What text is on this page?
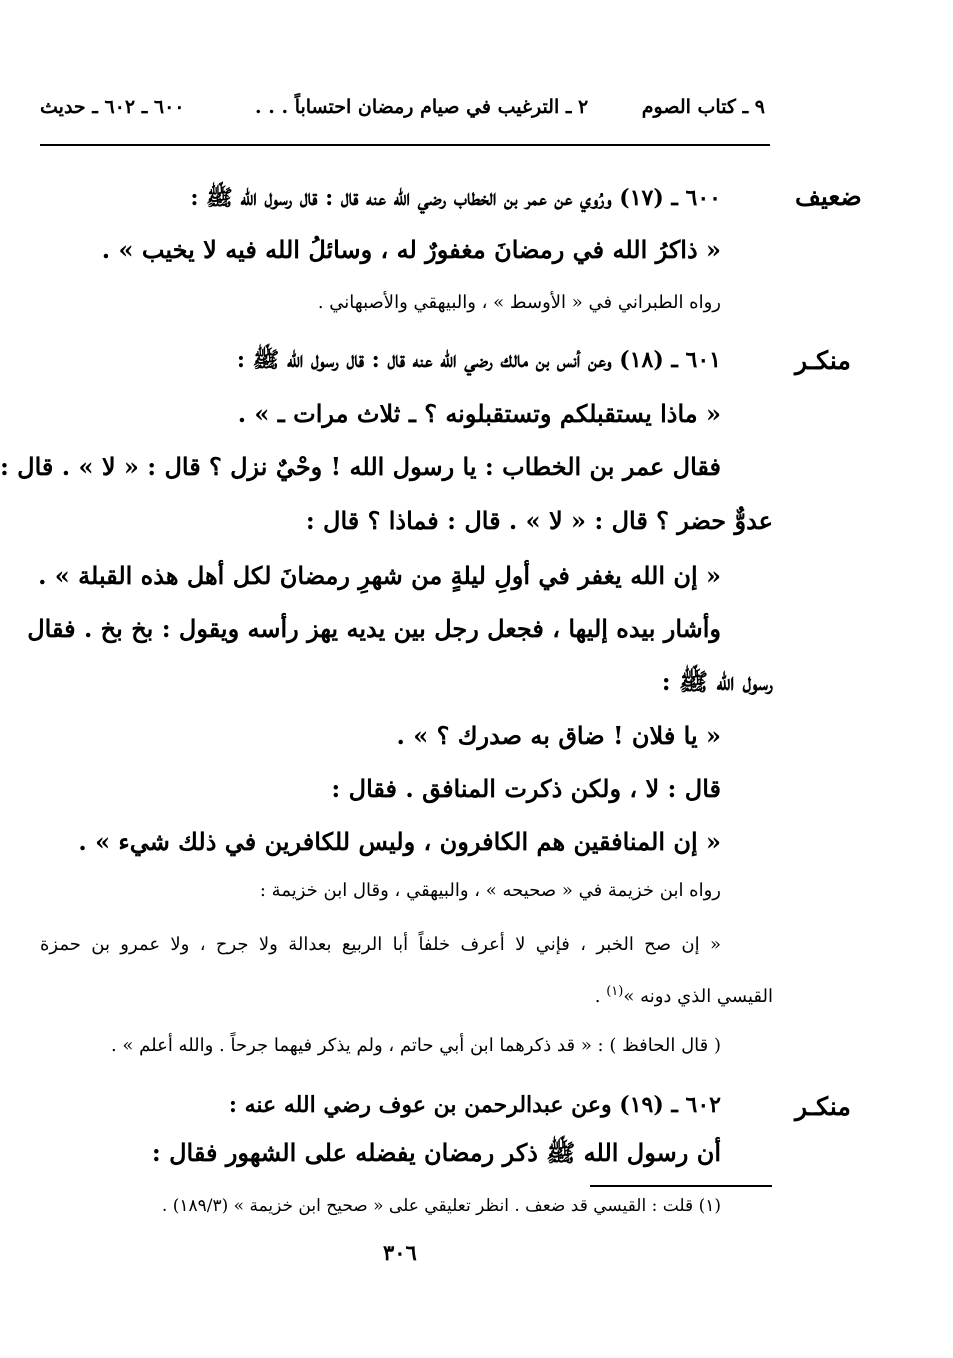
٩ ـ كتاب الصوم
٢ ـ الترغيب في صيام رمضان احتساباً . . .
٦٠٠ ـ ٦٠٢ ـ حديث
ضعيف
٦٠٠ ـ (١٧) ورُوي عن عمر بن الخطاب رضي الله عنه قال : قال رسول الله ﷺ :
« ذاكرُ الله في رمضانَ مغفورٌ له ، وسائلُ الله فيه لا يخيب » .
رواه الطبراني في « الأوسط » ، والبيهقي والأصبهاني .
منكـر
٦٠١ ـ (١٨) وعن أنس بن مالك رضي الله عنه قال : قال رسول الله ﷺ :
« ماذا يستقبلكم وتستقبلونه ؟ ـ ثلاث مرات ـ » .
فقال عمر بن الخطاب : يا رسول الله ! وحْيٌ نزل ؟ قال : « لا » . قال :
عدوٌّ حضر ؟ قال : « لا » . قال : فماذا ؟ قال :
« إن الله يغفر في أولِ ليلةٍ من شهرِ رمضانَ لكل أهل هذه القبلة » .
وأشار بيده إليها ، فجعل رجل بين يديه يهز رأسه ويقول : بخ بخ . فقال
رسول الله ﷺ :
« يا فلان ! ضاق به صدرك ؟ » .
قال : لا ، ولكن ذكرت المنافق . فقال :
« إن المنافقين هم الكافرون ، وليس للكافرين في ذلك شيء » .
رواه ابن خزيمة في « صحيحه » ، والبيهقي ، وقال ابن خزيمة :
« إن صح الخبر ، فإني لا أعرف خلفاً أبا الربيع بعدالة ولا جرح ، ولا عمرو بن حمزة
القيسي الذي دونه »$^{(١)}$ .
( قال الحافظ ) : « قد ذكرهما ابن أبي حاتم ، ولم يذكر فيهما جرحاً . والله أعلم » .
منكـر
٦٠٢ ـ (١٩) وعن عبدالرحمن بن عوف رضي الله عنه :
أن رسول الله ﷺ ذكر رمضان يفضله على الشهور فقال :
(١) قلت : القيسي قد ضعف . انظر تعليقي على « صحيح ابن خزيمة » (١٨٩/٣) .
٣٠٦
